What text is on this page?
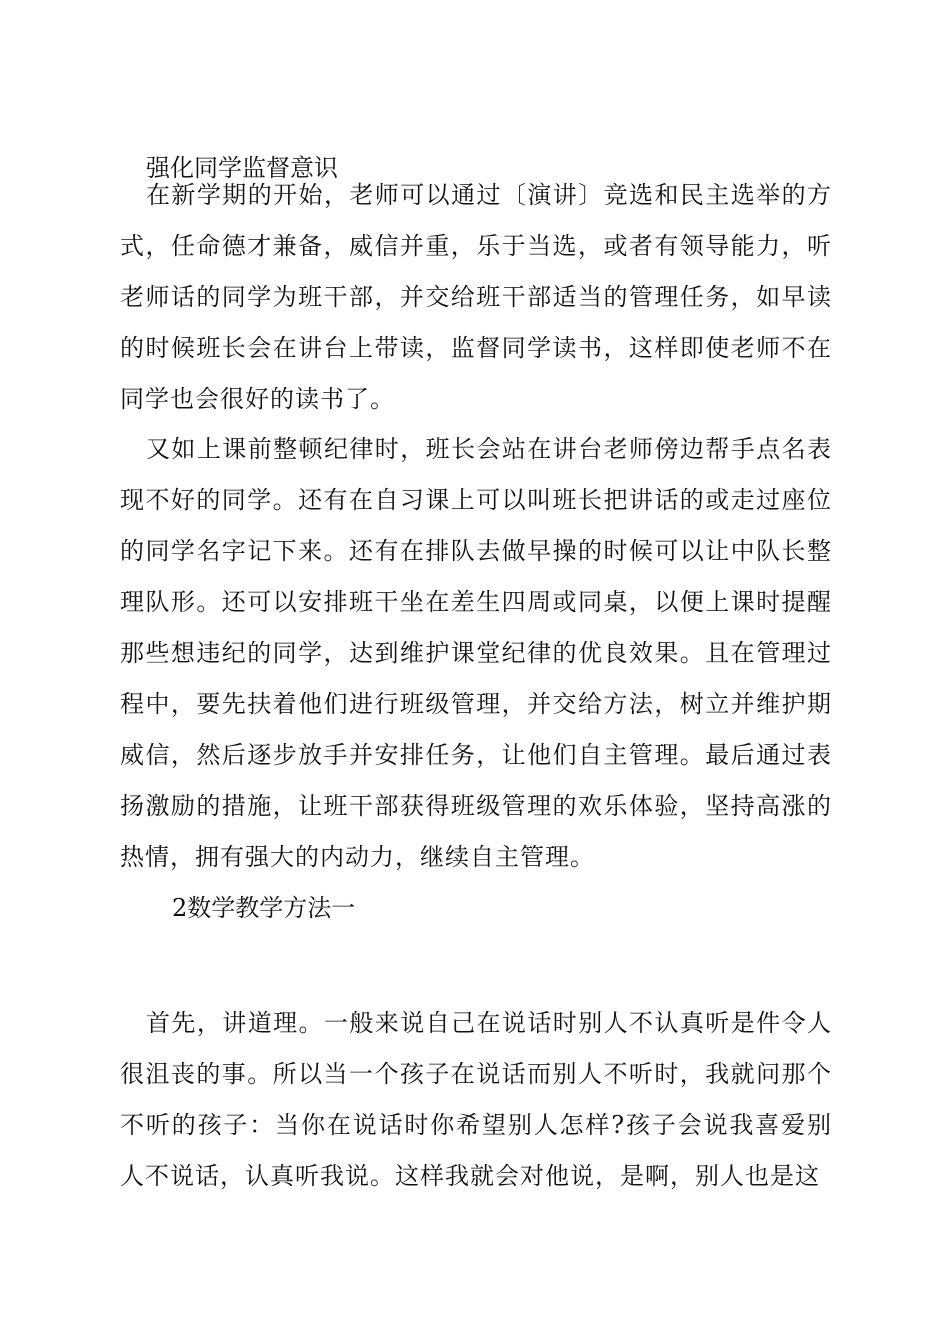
强化同学监督意识

在新学期的开始，老师可以通过〔演讲〕竞选和民主选举的方式，任命德才兼备，威信并重，乐于当选，或者有领导能力，听老师话的同学为班干部，并交给班干部适当的管理任务，如早读的时候班长会在讲台上带读，监督同学读书，这样即使老师不在同学也会很好的读书了。

又如上课前整顿纪律时，班长会站在讲台老师傍边帮手点名表现不好的同学。还有在自习课上可以叫班长把讲话的或走过座位的同学名字记下来。还有在排队去做早操的时候可以让中队长整理队形。还可以安排班干坐在差生四周或同桌，以便上课时提醒那些想违纪的同学，达到维护课堂纪律的优良效果。且在管理过程中，要先扶着他们进行班级管理，并交给方法，树立并维护期威信，然后逐步放手并安排任务，让他们自主管理。最后通过表扬激励的措施，让班干部获得班级管理的欢乐体验，坚持高涨的热情，拥有强大的内动力，继续自主管理。

2数学教学方法一

首先，讲道理。一般来说自己在说话时别人不认真听是件令人很沮丧的事。所以当一个孩子在说话而别人不听时，我就问那个不听的孩子：当你在说话时你希望别人怎样?孩子会说我喜爱别人不说话，认真听我说。这样我就会对他说，是啊，别人也是这
